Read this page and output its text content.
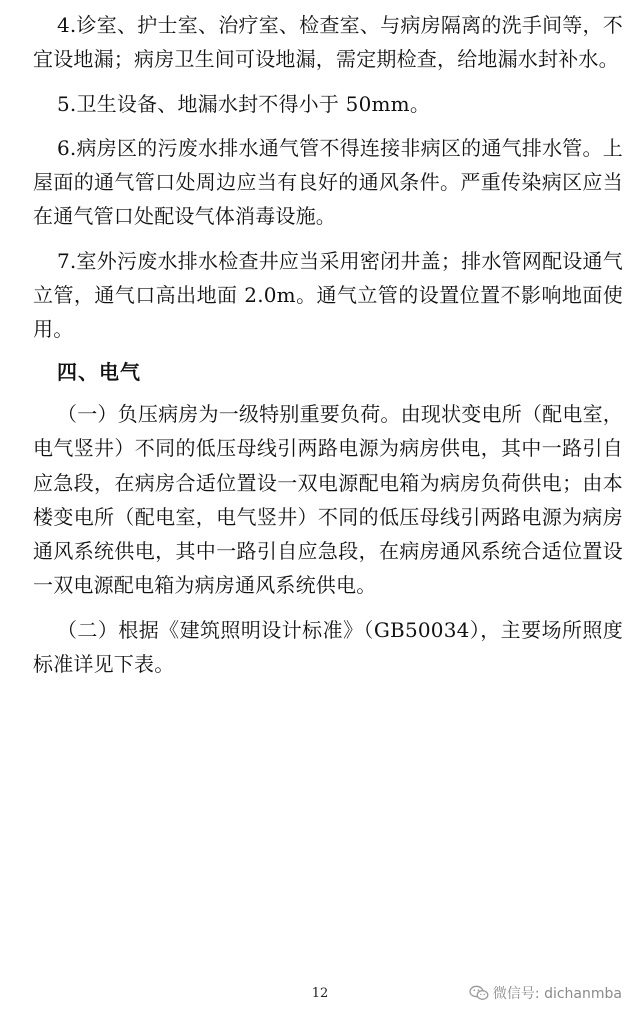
4.诊室、护士室、治疗室、检查室、与病房隔离的洗手间等，不宜设地漏；病房卫生间可设地漏，需定期检查，给地漏水封补水。

5.卫生设备、地漏水封不得小于 50mm。

6.病房区的污废水排水通气管不得连接非病区的通气排水管。上屋面的通气管口处周边应当有良好的通风条件。严重传染病区应当在通气管口处配设气体消毒设施。

7.室外污废水排水检查井应当采用密闭井盖；排水管网配设通气立管，通气口高出地面 2.0m。通气立管的设置位置不影响地面使用。

四、电气

（一）负压病房为一级特别重要负荷。由现状变电所（配电室，电气竖井）不同的低压母线引两路电源为病房供电，其中一路引自应急段，在病房合适位置设一双电源配电箱为病房负荷供电；由本楼变电所（配电室，电气竖井）不同的低压母线引两路电源为病房通风系统供电，其中一路引自应急段，在病房通风系统合适位置设一双电源配电箱为病房通风系统供电。

（二）根据《建筑照明设计标准》（GB50034），主要场所照度标准详见下表。

12	微信号: dichanmba
